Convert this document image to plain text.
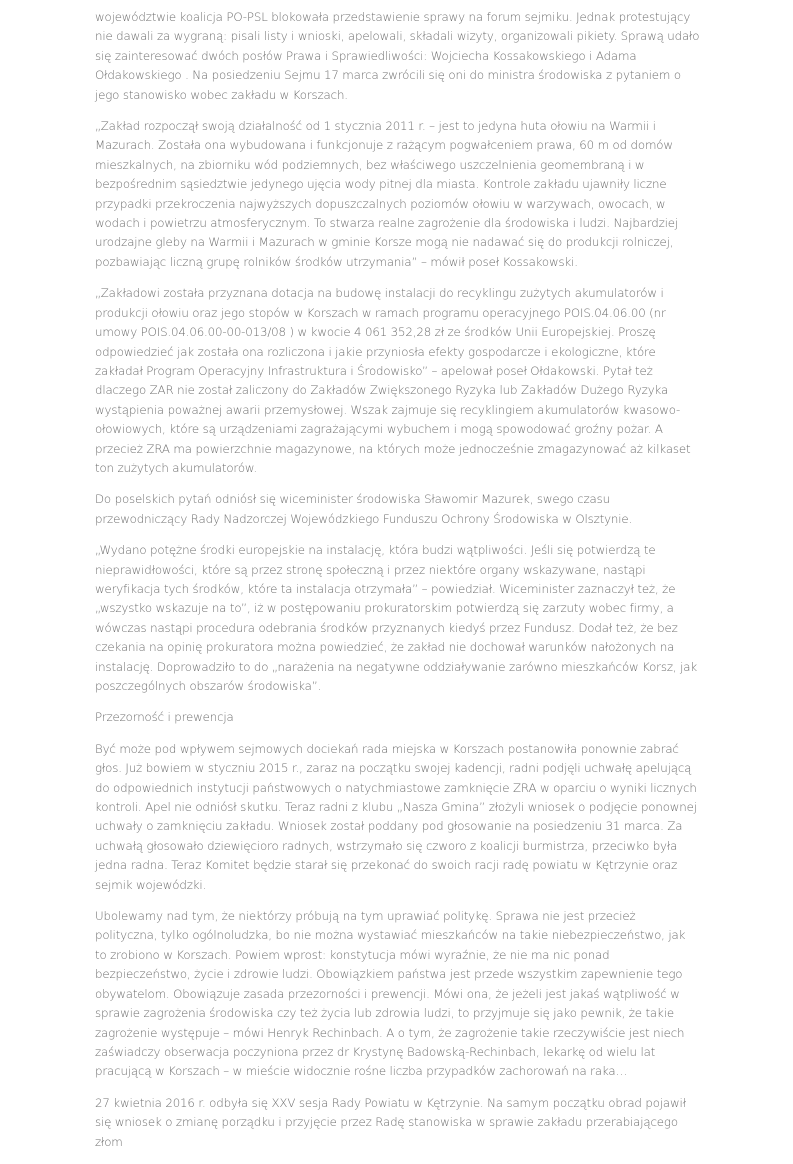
województwie koalicja PO-PSL blokowała przedstawienie sprawy na forum sejmiku. Jednak protestujący nie dawali za wygraną: pisali listy i wnioski, apelowali, składali wizyty, organizowali pikiety. Sprawą udało się zainteresować dwóch posłów Prawa i Sprawiedliwości: Wojciecha Kossakowskiego i Adama Ołdakowskiego . Na posiedzeniu Sejmu 17 marca zwrócili się oni do ministra środowiska z pytaniem o jego stanowisko wobec zakładu w Korszach.

„Zakład rozpoczął swoją działalność od 1 stycznia 2011 r. – jest to jedyna huta ołowiu na Warmii i Mazurach. Została ona wybudowana i funkcjonuje z rażącym pogwałceniem prawa, 60 m od domów mieszkalnych, na zbiorniku wód podziemnych, bez właściwego uszczelnienia geomembraną i w bezpośrednim sąsiedztwie jedynego ujęcia wody pitnej dla miasta. Kontrole zakładu ujawniły liczne przypadki przekroczenia najwyższych dopuszczalnych poziomów ołowiu w warzywach, owocach, w wodach i powietrzu atmosferycznym. To stwarza realne zagrożenie dla środowiska i ludzi. Najbardziej urodzajne gleby na Warmii i Mazurach w gminie Korsze mogą nie nadawać się do produkcji rolniczej, pozbawiając liczną grupę rolników środków utrzymania” – mówił poseł Kossakowski.

„Zakładowi została przyznana dotacja na budowę instalacji do recyklingu zużytych akumulatorów i produkcji ołowiu oraz jego stopów w Korszach w ramach programu operacyjnego POIS.04.06.00 (nr umowy POIS.04.06.00-00-013/08 ) w kwocie 4 061 352,28 zł ze środków Unii Europejskiej. Proszę odpowiedzieć jak została ona rozliczona i jakie przyniosła efekty gospodarcze i ekologiczne, które zakładał Program Operacyjny Infrastruktura i Środowisko” – apelował poseł Ołdakowski. Pytał też dlaczego ZAR nie został zaliczony do Zakładów Zwiększonego Ryzyka lub Zakładów Dużego Ryzyka wystąpienia poważnej awarii przemysłowej. Wszak zajmuje się recyklingiem akumulatorów kwasowo-ołowiowych, które są urządzeniami zagrażającymi wybuchem i mogą spowodować groźny pożar. A przecież ZRA ma powierzchnie magazynowe, na których może jednocześnie zmagazynować aż kilkaset ton zużytych akumulatorów.

Do poselskich pytań odniósł się wiceminister środowiska Sławomir Mazurek, swego czasu przewodniczący Rady Nadzorczej Wojewódzkiego Funduszu Ochrony Środowiska w Olsztynie.

„Wydano potężne środki europejskie na instalację, która budzi wątpliwości. Jeśli się potwierdzą te nieprawidłowości, które są przez stronę społeczną i przez niektóre organy wskazywane, nastąpi weryfikacja tych środków, które ta instalacja otrzymała” – powiedział. Wiceminister zaznaczył też, że „wszystko wskazuje na to”, iż w postępowaniu prokuratorskim potwierdzą się zarzuty wobec firmy, a wówczas nastąpi procedura odebrania środków przyznanych kiedyś przez Fundusz. Dodał też, że bez czekania na opinię prokuratora można powiedzieć, że zakład nie dochował warunków nałożonych na instalację. Doprowadziło to do „narażenia na negatywne oddziaływanie zarówno mieszkańców Korsz, jak poszczególnych obszarów środowiska”.

Przezorność i prewencja

Być może pod wpływem sejmowych dociekań rada miejska w Korszach postanowiła ponownie zabrać głos. Już bowiem w styczniu 2015 r., zaraz na początku swojej kadencji, radni podjęli uchwałę apelującą do odpowiednich instytucji państwowych o natychmiastowe zamknięcie ZRA w oparciu o wyniki licznych kontroli. Apel nie odniósł skutku. Teraz radni z klubu „Nasza Gmina” złożyli wniosek o podjęcie ponownej uchwały o zamknięciu zakładu. Wniosek został poddany pod głosowanie na posiedzeniu 31 marca. Za uchwałą głosowało dziewięcioro radnych, wstrzymało się czworo z koalicji burmistrza, przeciwko była jedna radna. Teraz Komitet będzie starał się przekonać do swoich racji radę powiatu w Kętrzynie oraz sejmik wojewódzki.

Ubolewamy nad tym, że niektórzy próbują na tym uprawiać politykę. Sprawa nie jest przecież polityczna, tylko ogólnoludzka, bo nie można wystawiać mieszkańców na takie niebezpieczeństwo, jak to zrobiono w Korszach. Powiem wprost: konstytucja mówi wyraźnie, że nie ma nic ponad bezpieczeństwo, życie i zdrowie ludzi. Obowiązkiem państwa jest przede wszystkim zapewnienie tego obywatelom. Obowiązuje zasada przezorności i prewencji. Mówi ona, że jeżeli jest jakaś wątpliwość w sprawie zagrożenia środowiska czy też życia lub zdrowia ludzi, to przyjmuje się jako pewnik, że takie zagrożenie występuje – mówi Henryk Rechinbach. A o tym, że zagrożenie takie rzeczywiście jest niech zaświadczy obserwacja poczyniona przez dr Krystynę Badowską-Rechinbach, lekarkę od wielu lat pracującą w Korszach – w mieście widocznie rośne liczba przypadków zachorowań na raka…

27 kwietnia 2016 r. odbyła się XXV sesja Rady Powiatu w Kętrzynie. Na samym początku obrad pojawił się wniosek o zmianę porządku i przyjęcie przez Radę stanowiska w sprawie zakładu przerabiającego złom
